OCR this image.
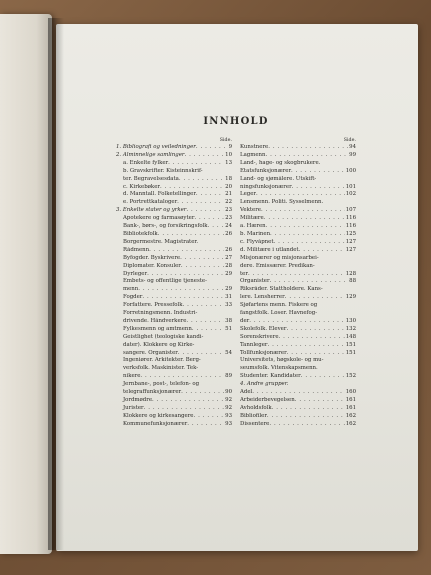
INNHOLD
Side.
1. Bibliografi og veiledninger . . .	9
2. Alminnelige samlinger . . .	10
a. Enkelte fylker . . .	13
b. Gravskrifter. Kisteinnskrif-
ter. Begravelsesdata . . .	18
c. Kirkebøker . . .	20
d. Manntall. Folketellinger . . .	21
e. Portrettkataloger . . .	22
3. Enkelte stater og yrker . . .	23
Apotekere og farmasøyter . . .	23
Bank-, børs-, og forsikringsfolk . . .	24
Bibliotekfolk . . .	26
Borgermestre. Magistrater.
Rådmenn . . .	26
Byfogder. Byskrivere . . .	27
Diplomater. Konsuler . . .	28
Dyrleger . . .	29
Embets- og offentlige tjeneste-
menn . . .	29
Fogder . . .	31
Forfattere. Pressefolk . . .	33
Forretningsmenn. Industri-
drivende. Håndverkere . . .	38
Fylkesmenn og amtmenn . . .	51
Geistlighet (teologiske kandi-
dater). Klokkere og Kirke-
sangere. Organister . . .	54
Ingeniører. Arkitekter. Berg-
verksfolk. Maskinister. Tek-
nikere . . .	89
Jernbane-, post-, telefon- og
telegraffunksjonærer . . .	90
Jordmødre . . .	92
Jurister . . .	92
Klokkere og kirkesangere . . .	93
Kommunefunksjonærer . . .	93
Side.
Kunstnere . . .	94
Lagmenn . . .	99
Land-, hage- og skogbrukere.
Etatsfunksjonærer . . .	100
Land- og sjømålere. Utskift-
ningsfunksjonærer . . .	101
Leger . . .	102
Lensmenn. Politi. Sysselmenn.
Vektere . . .	107
Militære . . .	116
a. Hæren . . .	116
b. Marinen . . .	125
c. Flyvåpnet . . .	127
d. Militære i utlandet . . .	127
Misjonærer og misjonsarbei-
dere. Emissærer. Predikan-
ter . . .	128
Organister . . .	88
Riksråder. Stattholdere. Kans-
lere. Lensherrer . . .	129
Sjøfartens menn. Fiskere og
fangstfolk. Loser. Havnefog-
der . . .	130
Skolefolk. Elever . . .	132
Sorenskrivere . . .	148
Tannleger . . .	151
Tollfunksjonærer . . .	151
Universitets, høgskole- og mu-
seumsfolk. Vitenskapsmenn.
Studenter. Kandidater . . .	152
4. Andre grupper.
Adel . . .	160
Arbeiderbevegelsen . . .	161
Avholdsfolk . . .	161
Bibliofiler . . .	162
Dissentere . . .	162
